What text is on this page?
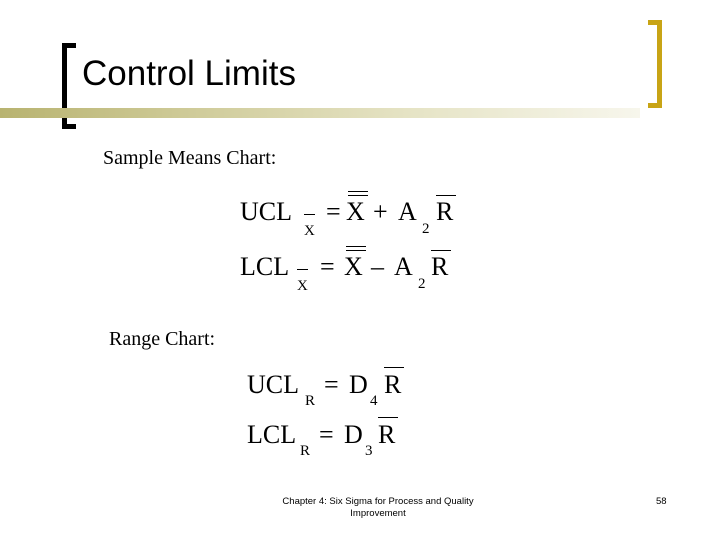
Control Limits
Sample Means Chart:
UCL
X
= X + A
2
R
LCL
X
= X – A
2
R
Range Chart:
UCL
R
= D
4
R
LCL
R
= D
3
R
Chapter 4: Six Sigma for Process and Quality Improvement
58
